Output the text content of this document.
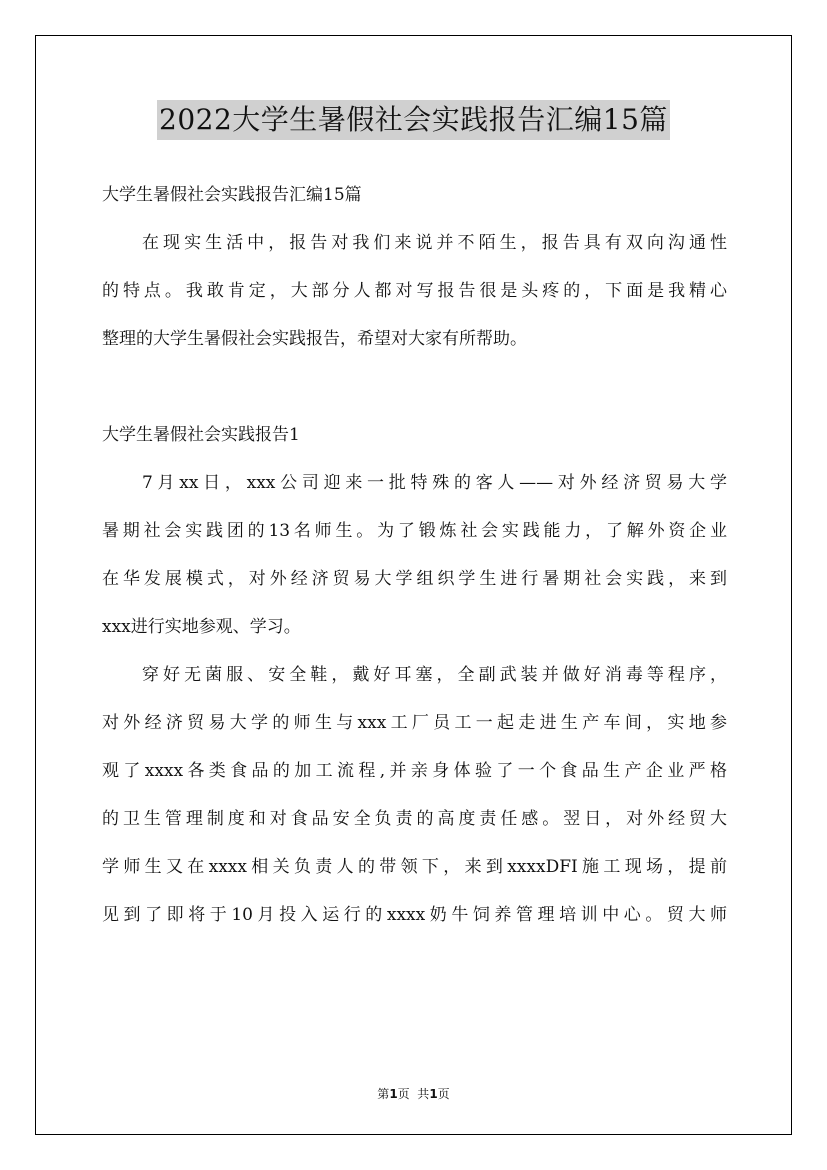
2022大学生暑假社会实践报告汇编15篇
大学生暑假社会实践报告汇编15篇
在现实生活中，报告对我们来说并不陌生，报告具有双向沟通性
的特点。我敢肯定，大部分人都对写报告很是头疼的，下面是我精心
整理的大学生暑假社会实践报告，希望对大家有所帮助。
大学生暑假社会实践报告1
7月xx日，xxx公司迎来一批特殊的客人——对外经济贸易大学
暑期社会实践团的13名师生。为了锻炼社会实践能力，了解外资企业
在华发展模式，对外经济贸易大学组织学生进行暑期社会实践，来到
xxx进行实地参观、学习。
穿好无菌服、安全鞋，戴好耳塞，全副武装并做好消毒等程序，
对外经济贸易大学的师生与xxx工厂员工一起走进生产车间，实地参
观了xxxx各类食品的加工流程,并亲身体验了一个食品生产企业严格
的卫生管理制度和对食品安全负责的高度责任感。翌日，对外经贸大
学师生又在xxxx相关负责人的带领下，来到xxxxDFI施工现场，提前
见到了即将于10月投入运行的xxxx奶牛饲养管理培训中心。贸大师
第1页  共1页
